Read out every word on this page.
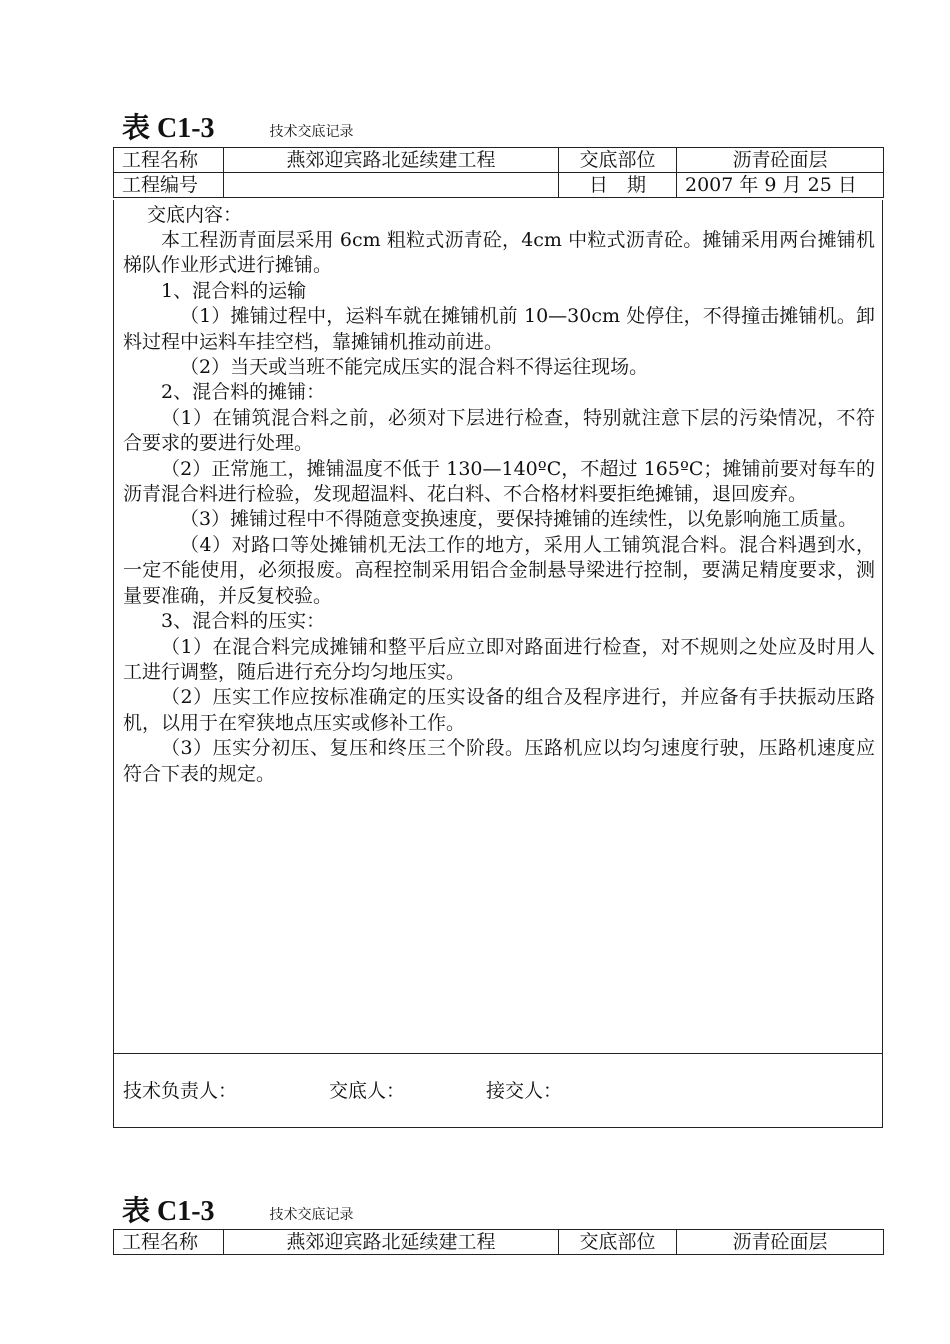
表 C1-3	技术交底记录
工程名称	燕郊迎宾路北延续建工程	交底部位	沥青砼面层
工程编号		日　期	2007 年 9 月 25 日
交底内容：

本工程沥青面层采用 6cm 粗粒式沥青砼，4cm 中粒式沥青砼。摊铺采用两台摊铺机梯队作业形式进行摊铺。

1、混合料的运输

（1）摊铺过程中，运料车就在摊铺机前 10—30cm 处停住，不得撞击摊铺机。卸料过程中运料车挂空档，靠摊铺机推动前进。

（2）当天或当班不能完成压实的混合料不得运往现场。

2、混合料的摊铺：

（1）在铺筑混合料之前，必须对下层进行检查，特别就注意下层的污染情况，不符合要求的要进行处理。

（2）正常施工，摊铺温度不低于 130—140ºC，不超过 165ºC；摊铺前要对每车的沥青混合料进行检验，发现超温料、花白料、不合格材料要拒绝摊铺，退回废弃。

（3）摊铺过程中不得随意变换速度，要保持摊铺的连续性，以免影响施工质量。

（4）对路口等处摊铺机无法工作的地方，采用人工铺筑混合料。混合料遇到水，一定不能使用，必须报废。高程控制采用铝合金制悬导梁进行控制，要满足精度要求，测量要准确，并反复校验。

3、混合料的压实：

（1）在混合料完成摊铺和整平后应立即对路面进行检查，对不规则之处应及时用人工进行调整，随后进行充分均匀地压实。

（2）压实工作应按标准确定的压实设备的组合及程序进行，并应备有手扶振动压路机，以用于在窄狭地点压实或修补工作。

（3）压实分初压、复压和终压三个阶段。压路机应以均匀速度行驶，压路机速度应符合下表的规定。

技术负责人：	交底人：	接交人：
表 C1-3	技术交底记录
工程名称	燕郊迎宾路北延续建工程	交底部位	沥青砼面层
